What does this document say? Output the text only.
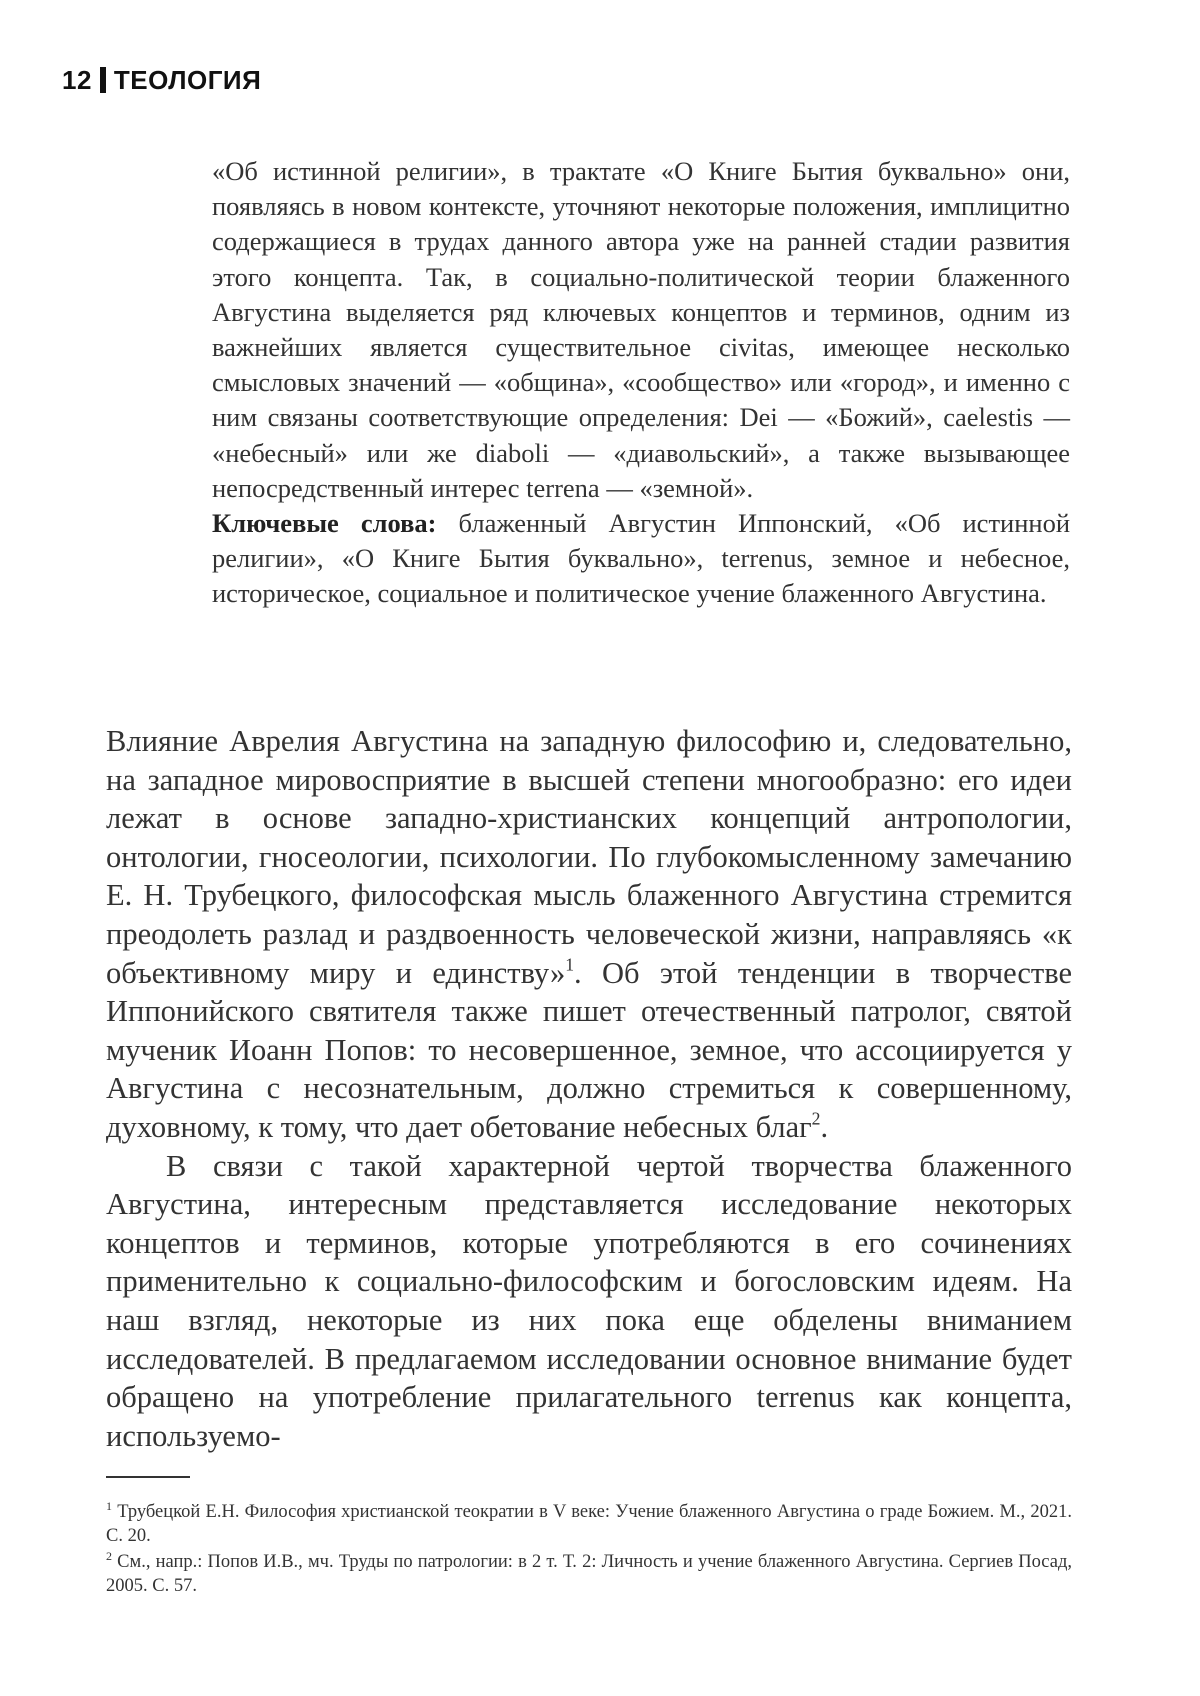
12 ТЕОЛОГИЯ

«Об истинной религии», в трактате «О Книге Бытия буквально» они, появляясь в новом контексте, уточняют некоторые положения, имплицитно содержащиеся в трудах данного автора уже на ранней стадии развития этого концепта. Так, в социально-политической теории блаженного Августина выделяется ряд ключевых концептов и терминов, одним из важнейших является существительное civitas, имеющее несколько смысловых значений — «община», «сообщество» или «город», и именно с ним связаны соответствующие определения: Dei — «Божий», caelestis — «небесный» или же diaboli — «диавольский», а также вызывающее непосредственный интерес terrena — «земной».

Ключевые слова: блаженный Августин Иппонский, «Об истинной религии», «О Книге Бытия буквально», terrenus, земное и небесное, историческое, социальное и политическое учение блаженного Августина.

Влияние Аврелия Августина на западную философию и, следовательно, на западное мировосприятие в высшей степени многообразно: его идеи лежат в основе западно-христианских концепций антропологии, онтологии, гносеологии, психологии. По глубокомысленному замечанию Е. Н. Трубецкого, философская мысль блаженного Августина стремится преодолеть разлад и раздвоенность человеческой жизни, направляясь «к объективному миру и единству»$^1$. Об этой тенденции в творчестве Иппонийского святителя также пишет отечественный патролог, святой мученик Иоанн Попов: то несовершенное, земное, что ассоциируется у Августина с несознательным, должно стремиться к совершенному, духовному, к тому, что дает обетование небесных благ$^2$.

В связи с такой характерной чертой творчества блаженного Августина, интересным представляется исследование некоторых концептов и терминов, которые употребляются в его сочинениях применительно к социально-философским и богословским идеям. На наш взгляд, некоторые из них пока еще обделены вниманием исследователей. В предлагаемом исследовании основное внимание будет обращено на употребление прилагательного terrenus как концепта, используемо-

$^1$ Трубецкой Е.Н. Философия христианской теократии в V веке: Учение блаженного Августина о граде Божием. М., 2021. С. 20.

$^2$ См., напр.: Попов И.В., мч. Труды по патрологии: в 2 т. Т. 2: Личность и учение блаженного Августина. Сергиев Посад, 2005. С. 57.
